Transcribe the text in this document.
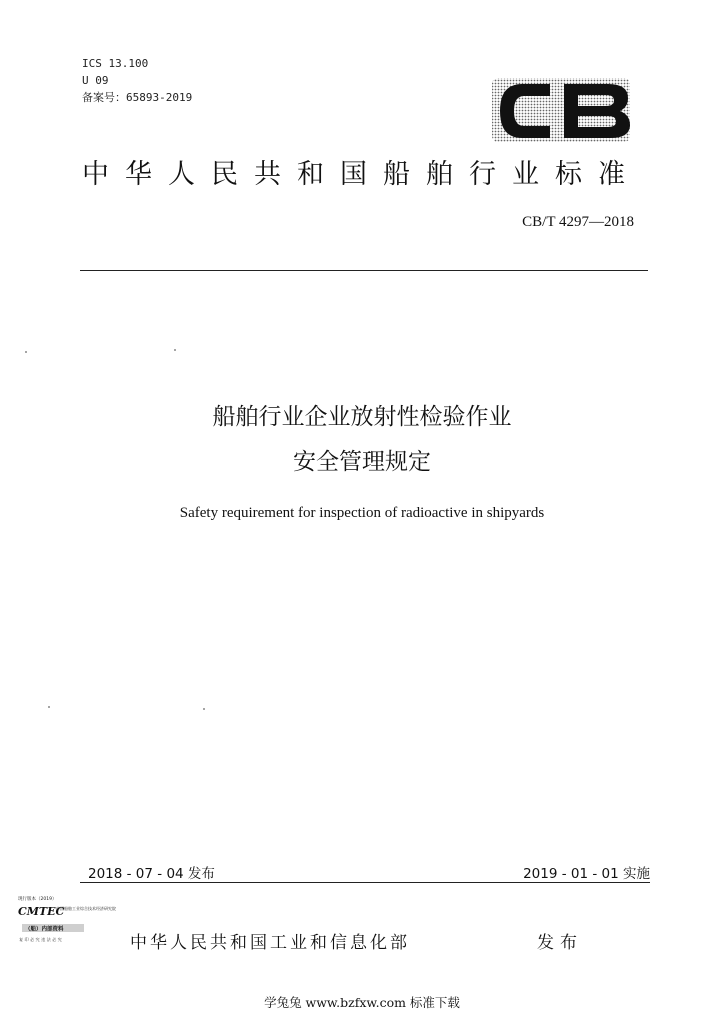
ICS 13.100
U 09
备案号：65893-2019
中华人民共和国船舶行业标准
CB/T 4297—2018
船舶行业企业放射性检验作业
安全管理规定
Safety requirement for inspection of radioactive in shipyards
2018 - 07 - 04 发布	2019 - 01 - 01 实施
现行版本（2019）
CMTEC
中国船舶工业综合技术经济研究院
（船）内部资料
复 印 必 究 违 法 必 究	中华人民共和国工业和信息化部	发布
学兔兔 www.bzfxw.com 标准下载
